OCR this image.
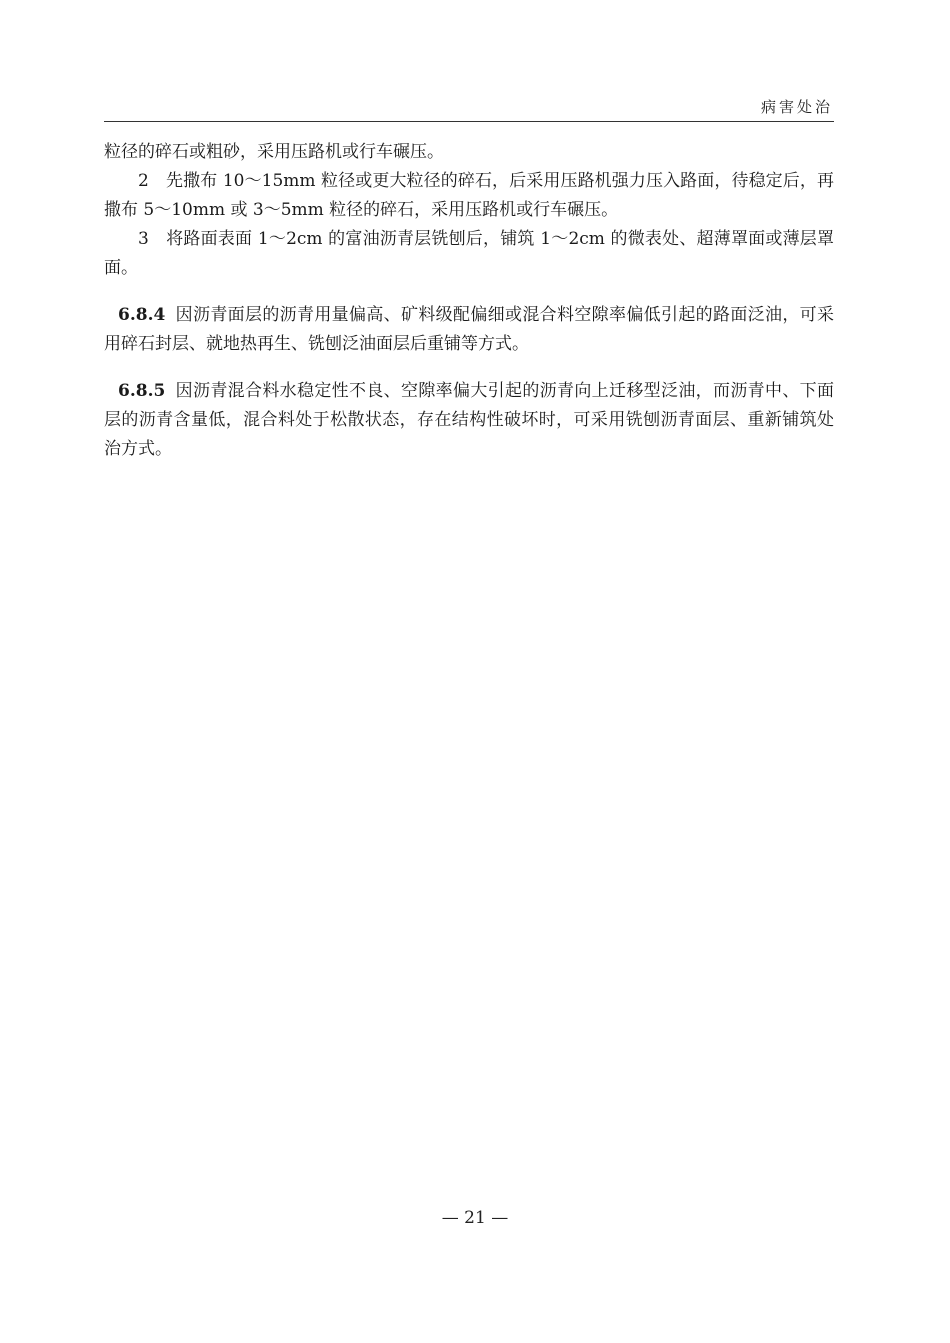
病害处治

粒径的碎石或粗砂，采用压路机或行车碾压。

2　先撒布 10～15mm 粒径或更大粒径的碎石，后采用压路机强力压入路面，待稳定后，再撒布 5～10mm 或 3～5mm 粒径的碎石，采用压路机或行车碾压。

3　将路面表面 1～2cm 的富油沥青层铣刨后，铺筑 1～2cm 的微表处、超薄罩面或薄层罩面。

6.8.4 因沥青面层的沥青用量偏高、矿料级配偏细或混合料空隙率偏低引起的路面泛油，可采用碎石封层、就地热再生、铣刨泛油面层后重铺等方式。

6.8.5 因沥青混合料水稳定性不良、空隙率偏大引起的沥青向上迁移型泛油，而沥青中、下面层的沥青含量低，混合料处于松散状态，存在结构性破坏时，可采用铣刨沥青面层、重新铺筑处治方式。

— 21 —
